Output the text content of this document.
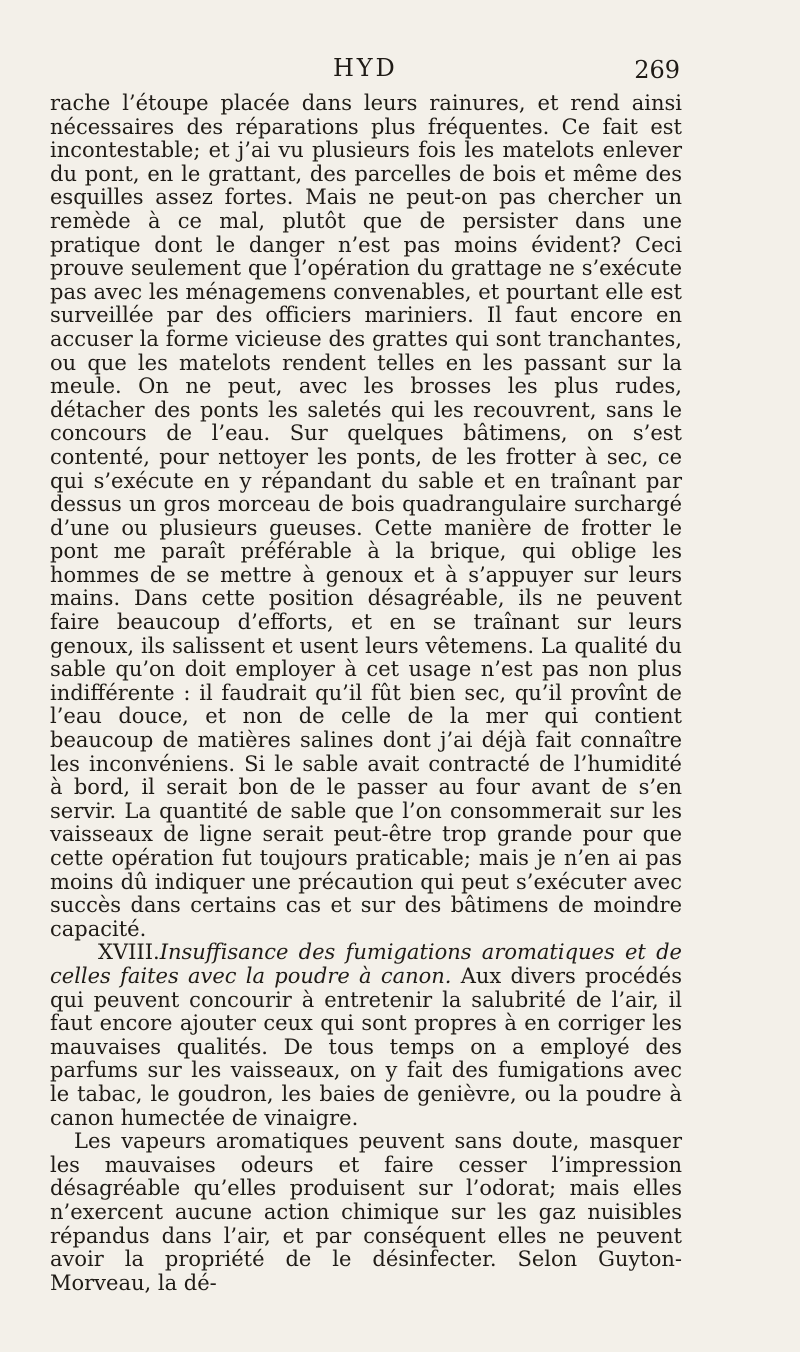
HYD	269

rache l’étoupe placée dans leurs rainures, et rend ainsi nécessaires des réparations plus fréquentes. Ce fait est incontestable; et j’ai vu plusieurs fois les matelots enlever du pont, en le grattant, des parcelles de bois et même des esquilles assez fortes. Mais ne peut-on pas chercher un remède à ce mal, plutôt que de persister dans une pratique dont le danger n’est pas moins évident? Ceci prouve seulement que l’opération du grattage ne s’exécute pas avec les ménagemens convenables, et pourtant elle est surveillée par des officiers mariniers. Il faut encore en accuser la forme vicieuse des grattes qui sont tranchantes, ou que les matelots rendent telles en les passant sur la meule. On ne peut, avec les brosses les plus rudes, détacher des ponts les saletés qui les recouvrent, sans le concours de l’eau. Sur quelques bâtimens, on s’est contenté, pour nettoyer les ponts, de les frotter à sec, ce qui s’exécute en y répandant du sable et en traînant par dessus un gros morceau de bois quadrangulaire surchargé d’une ou plusieurs gueuses. Cette manière de frotter le pont me paraît préférable à la brique, qui oblige les hommes de se mettre à genoux et à s’appuyer sur leurs mains. Dans cette position désagréable, ils ne peuvent faire beaucoup d’efforts, et en se traînant sur leurs genoux, ils salissent et usent leurs vêtemens. La qualité du sable qu’on doit employer à cet usage n’est pas non plus indifférente : il faudrait qu’il fût bien sec, qu’il provînt de l’eau douce, et non de celle de la mer qui contient beaucoup de matières salines dont j’ai déjà fait connaître les inconvéniens. Si le sable avait contracté de l’humidité à bord, il serait bon de le passer au four avant de s’en servir. La quantité de sable que l’on consommerait sur les vaisseaux de ligne serait peut-être trop grande pour que cette opération fut toujours praticable; mais je n’en ai pas moins dû indiquer une précaution qui peut s’exécuter avec succès dans certains cas et sur des bâtimens de moindre capacité.

XVIII.Insuffisance des fumigations aromatiques et de celles faites avec la poudre à canon. Aux divers procédés qui peuvent concourir à entretenir la salubrité de l’air, il faut encore ajouter ceux qui sont propres à en corriger les mauvaises qualités. De tous temps on a employé des parfums sur les vaisseaux, on y fait des fumigations avec le tabac, le goudron, les baies de genièvre, ou la poudre à canon humectée de vinaigre.

Les vapeurs aromatiques peuvent sans doute, masquer les mauvaises odeurs et faire cesser l’impression désagréable qu’elles produisent sur l’odorat; mais elles n’exercent aucune action chimique sur les gaz nuisibles répandus dans l’air, et par conséquent elles ne peuvent avoir la propriété de le désinfecter. Selon Guyton-Morveau, la dé-
